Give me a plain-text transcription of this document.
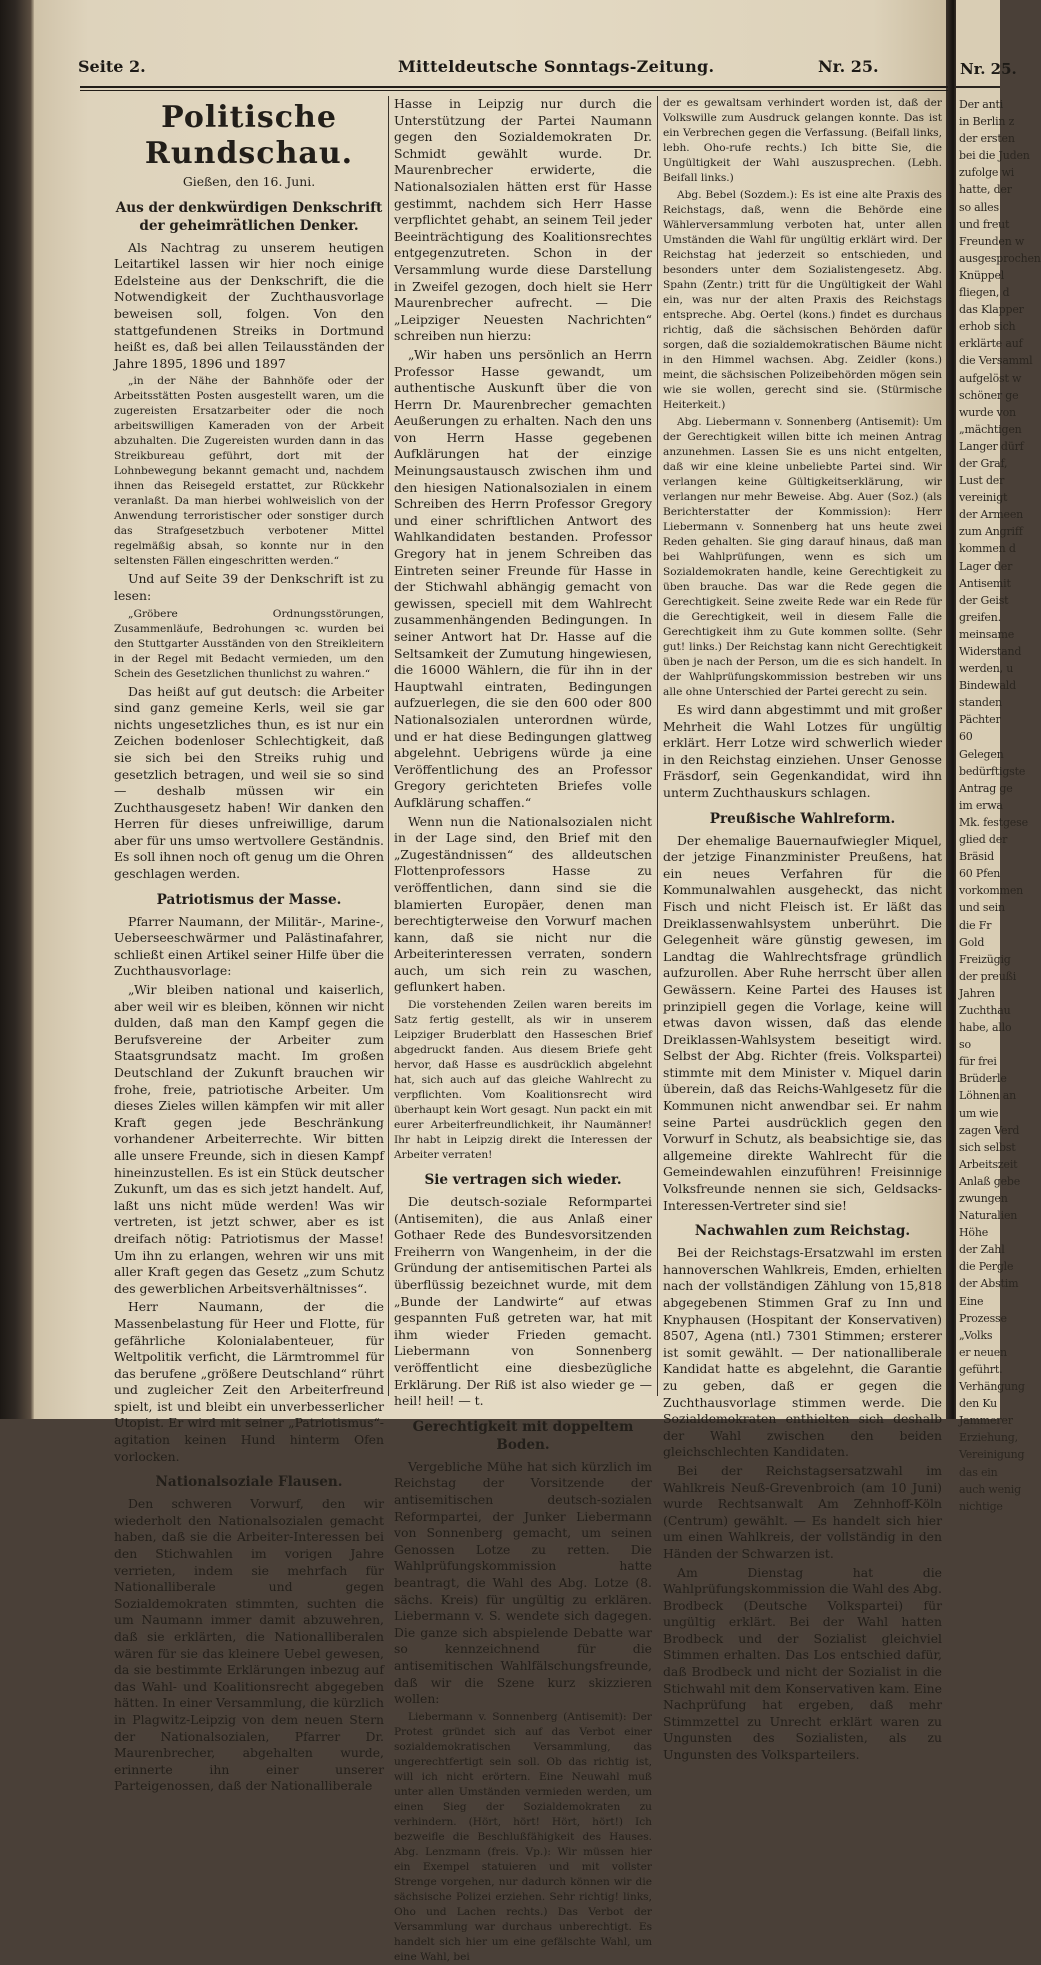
Nr. 25.
Der anti
in Berlin z
der ersten
bei die Juden
zufolge wi
hatte, der
so alles
und freut
Freunden w
ausgesprochen
Knüppel
fliegen, d
das Klapper
erhob sich
erklärte auf
die Versamml
aufgelöst w
schöner ge
wurde von
„mächtigen
Langer dürf
der Graf,
Lust der
vereinigt
der Armeen
zum Angriff
kommen d
Lager der
Antisemit
der Geist
greifen.
meinsame
Widerstand
werden, u
Bindewald
standen
Pächter
60
Gelegen
bedürftigste
Antrag ge
im erwa
Mk. festgese
glied der
Bräsid
60 Pfen
vorkommen
und sein
die Fr
Gold
Freizügig
der preußi
Jahren
Zuchthau
habe, allo
so
für frei
Brüderle
Löhnen an
um wie
zagen Verd
sich selbst
Arbeitszeit
Anlaß gebe
zwungen
Naturalien
Höhe
der Zahl
die Pergle
der Abstim
Eine
Prozesse
„Volks
er neuen
geführt.
Verhängung
den Ku
Jammerer
Erziehung,
Vereinigung
das ein
auch wenig
nichtige
Seite 2.	Mitteldeutsche Sonntags-Zeitung.	Nr. 25.
Politische Rundschau.
Gießen, den 16. Juni.
Aus der denkwürdigen Denkschrift der geheimrätlichen Denker.

Als Nachtrag zu unserem heutigen Leitartikel lassen wir hier noch einige Edelsteine aus der Denkschrift, die die Notwendigkeit der Zuchthausvorlage beweisen soll, folgen. Von den stattgefundenen Streiks in Dortmund heißt es, daß bei allen Teilausständen der Jahre 1895, 1896 und 1897

„in der Nähe der Bahnhöfe oder der Arbeitsstätten Posten ausgestellt waren, um die zugereisten Ersatzarbeiter oder die noch arbeitswilligen Kameraden von der Arbeit abzuhalten. Die Zugereisten wurden dann in das Streikbureau geführt, dort mit der Lohnbewegung bekannt gemacht und, nachdem ihnen das Reisegeld erstattet, zur Rückkehr veranlaßt. Da man hierbei wohlweislich von der Anwendung terroristischer oder sonstiger durch das Strafgesetzbuch verbotener Mittel regelmäßig absah, so konnte nur in den seltensten Fällen eingeschritten werden.“

Und auf Seite 39 der Denkschrift ist zu lesen:

„Gröbere Ordnungsstörungen, Zusammenläufe, Bedrohungen ꝛc. wurden bei den Stuttgarter Ausständen von den Streikleitern in der Regel mit Bedacht vermieden, um den Schein des Gesetzlichen thunlichst zu wahren.“

Das heißt auf gut deutsch: die Arbeiter sind ganz gemeine Kerls, weil sie gar nichts ungesetzliches thun, es ist nur ein Zeichen bodenloser Schlechtigkeit, daß sie sich bei den Streiks ruhig und gesetzlich betragen, und weil sie so sind — deshalb müssen wir ein Zuchthausgesetz haben! Wir danken den Herren für dieses unfreiwillige, darum aber für uns umso wertvollere Geständnis. Es soll ihnen noch oft genug um die Ohren geschlagen werden.

Patriotismus der Masse.

Pfarrer Naumann, der Militär-, Marine-, Ueberseeschwärmer und Palästinafahrer, schließt einen Artikel seiner Hilfe über die Zuchthausvorlage:

„Wir bleiben national und kaiserlich, aber weil wir es bleiben, können wir nicht dulden, daß man den Kampf gegen die Berufsvereine der Arbeiter zum Staatsgrundsatz macht. Im großen Deutschland der Zukunft brauchen wir frohe, freie, patriotische Arbeiter. Um dieses Zieles willen kämpfen wir mit aller Kraft gegen jede Beschränkung vorhandener Arbeiterrechte. Wir bitten alle unsere Freunde, sich in diesen Kampf hineinzustellen. Es ist ein Stück deutscher Zukunft, um das es sich jetzt handelt. Auf, laßt uns nicht müde werden! Was wir vertreten, ist jetzt schwer, aber es ist dreifach nötig: Patriotismus der Masse! Um ihn zu erlangen, wehren wir uns mit aller Kraft gegen das Gesetz „zum Schutz des gewerblichen Arbeitsverhältnisses“.

Herr Naumann, der die Massenbelastung für Heer und Flotte, für gefährliche Kolonialabenteuer, für Weltpolitik verficht, die Lärmtrommel für das berufene „größere Deutschland“ rührt und zugleicher Zeit den Arbeiterfreund spielt, ist und bleibt ein unverbesserlicher Utopist. Er wird mit seiner „Patriotismus“-agitation keinen Hund hinterm Ofen vorlocken.

Nationalsoziale Flausen.

Den schweren Vorwurf, den wir wiederholt den Nationalsozialen gemacht haben, daß sie die Arbeiter-Interessen bei den Stichwahlen im vorigen Jahre verrieten, indem sie mehrfach für Nationalliberale und gegen Sozialdemokraten stimmten, suchten die um Naumann immer damit abzuwehren, daß sie erklärten, die Nationalliberalen wären für sie das kleinere Uebel gewesen, da sie bestimmte Erklärungen inbezug auf das Wahl- und Koalitionsrecht abgegeben hätten. In einer Versammlung, die kürzlich in Plagwitz-Leipzig von dem neuen Stern der Nationalsozialen, Pfarrer Dr. Maurenbrecher, abgehalten wurde, erinnerte ihn einer unserer Parteigenossen, daß der Nationalliberale

Hasse in Leipzig nur durch die Unterstützung der Partei Naumann gegen den Sozialdemokraten Dr. Schmidt gewählt wurde. Dr. Maurenbrecher erwiderte, die Nationalsozialen hätten erst für Hasse gestimmt, nachdem sich Herr Hasse verpflichtet gehabt, an seinem Teil jeder Beeinträchtigung des Koalitionsrechtes entgegenzutreten. Schon in der Versammlung wurde diese Darstellung in Zweifel gezogen, doch hielt sie Herr Maurenbrecher aufrecht. — Die „Leipziger Neuesten Nachrichten“ schreiben nun hierzu:

„Wir haben uns persönlich an Herrn Professor Hasse gewandt, um authentische Auskunft über die von Herrn Dr. Maurenbrecher gemachten Aeußerungen zu erhalten. Nach den uns von Herrn Hasse gegebenen Aufklärungen hat der einzige Meinungsaustausch zwischen ihm und den hiesigen Nationalsozialen in einem Schreiben des Herrn Professor Gregory und einer schriftlichen Antwort des Wahlkandidaten bestanden. Professor Gregory hat in jenem Schreiben das Eintreten seiner Freunde für Hasse in der Stichwahl abhängig gemacht von gewissen, speciell mit dem Wahlrecht zusammenhängenden Bedingungen. In seiner Antwort hat Dr. Hasse auf die Seltsamkeit der Zumutung hingewiesen, die 16000 Wählern, die für ihn in der Hauptwahl eintraten, Bedingungen aufzuerlegen, die sie den 600 oder 800 Nationalsozialen unterordnen würde, und er hat diese Bedingungen glattweg abgelehnt. Uebrigens würde ja eine Veröffentlichung des an Professor Gregory gerichteten Briefes volle Aufklärung schaffen.“

Wenn nun die Nationalsozialen nicht in der Lage sind, den Brief mit den „Zugeständnissen“ des alldeutschen Flottenprofessors Hasse zu veröffentlichen, dann sind sie die blamierten Europäer, denen man berechtigterweise den Vorwurf machen kann, daß sie nicht nur die Arbeiterinteressen verraten, sondern auch, um sich rein zu waschen, geflunkert haben.

Die vorstehenden Zeilen waren bereits im Satz fertig gestellt, als wir in unserem Leipziger Bruderblatt den Hasseschen Brief abgedruckt fanden. Aus diesem Briefe geht hervor, daß Hasse es ausdrücklich abgelehnt hat, sich auch auf das gleiche Wahlrecht zu verpflichten. Vom Koalitionsrecht wird überhaupt kein Wort gesagt. Nun packt ein mit eurer Arbeiterfreundlichkeit, ihr Naumänner! Ihr habt in Leipzig direkt die Interessen der Arbeiter verraten!

Sie vertragen sich wieder.

Die deutsch-soziale Reformpartei (Antisemiten), die aus Anlaß einer Gothaer Rede des Bundesvorsitzenden Freiherrn von Wangenheim, in der die Gründung der antisemitischen Partei als überflüssig bezeichnet wurde, mit dem „Bunde der Landwirte“ auf etwas gespannten Fuß getreten war, hat mit ihm wieder Frieden gemacht. Liebermann von Sonnenberg veröffentlicht eine diesbezügliche Erklärung. Der Riß ist also wieder ge — heil! heil! — t.

Gerechtigkeit mit doppeltem Boden.

Vergebliche Mühe hat sich kürzlich im Reichstag der Vorsitzende der antisemitischen deutsch-sozialen Reformpartei, der Junker Liebermann von Sonnenberg gemacht, um seinen Genossen Lotze zu retten. Die Wahlprüfungskommission hatte beantragt, die Wahl des Abg. Lotze (8. sächs. Kreis) für ungültig zu erklären. Liebermann v. S. wendete sich dagegen. Die ganze sich abspielende Debatte war so kennzeichnend für die antisemitischen Wahlfälschungsfreunde, daß wir die Szene kurz skizzieren wollen:

Liebermann v. Sonnenberg (Antisemit): Der Protest gründet sich auf das Verbot einer sozialdemokratischen Versammlung, das ungerechtfertigt sein soll. Ob das richtig ist, will ich nicht erörtern. Eine Neuwahl muß unter allen Umständen vermieden werden, um einen Sieg der Sozialdemokraten zu verhindern. (Hört, hört! Hört, hört!) Ich bezweifle die Beschlußfähigkeit des Hauses. Abg. Lenzmann (freis. Vp.): Wir müssen hier ein Exempel statuieren und mit vollster Strenge vorgehen, nur dadurch können wir die sächsische Polizei erziehen. Sehr richtig! links, Oho und Lachen rechts.) Das Verbot der Versammlung war durchaus unberechtigt. Es handelt sich hier um eine gefälschte Wahl, um eine Wahl, bei

der es gewaltsam verhindert worden ist, daß der Volkswille zum Ausdruck gelangen konnte. Das ist ein Verbrechen gegen die Verfassung. (Beifall links, lebh. Oho-rufe rechts.) Ich bitte Sie, die Ungültigkeit der Wahl auszusprechen. (Lebh. Beifall links.)

Abg. Bebel (Sozdem.): Es ist eine alte Praxis des Reichstags, daß, wenn die Behörde eine Wählerversammlung verboten hat, unter allen Umständen die Wahl für ungültig erklärt wird. Der Reichstag hat jederzeit so entschieden, und besonders unter dem Sozialistengesetz. Abg. Spahn (Zentr.) tritt für die Ungültigkeit der Wahl ein, was nur der alten Praxis des Reichstags entspreche. Abg. Oertel (kons.) findet es durchaus richtig, daß die sächsischen Behörden dafür sorgen, daß die sozialdemokratischen Bäume nicht in den Himmel wachsen. Abg. Zeidler (kons.) meint, die sächsischen Polizeibehörden mögen sein wie sie wollen, gerecht sind sie. (Stürmische Heiterkeit.)

Abg. Liebermann v. Sonnenberg (Antisemit): Um der Gerechtigkeit willen bitte ich meinen Antrag anzunehmen. Lassen Sie es uns nicht entgelten, daß wir eine kleine unbeliebte Partei sind. Wir verlangen keine Gültigkeitserklärung, wir verlangen nur mehr Beweise. Abg. Auer (Soz.) (als Berichterstatter der Kommission): Herr Liebermann v. Sonnenberg hat uns heute zwei Reden gehalten. Sie ging darauf hinaus, daß man bei Wahlprüfungen, wenn es sich um Sozialdemokraten handle, keine Gerechtigkeit zu üben brauche. Das war die Rede gegen die Gerechtigkeit. Seine zweite Rede war ein Rede für die Gerechtigkeit, weil in diesem Falle die Gerechtigkeit ihm zu Gute kommen sollte. (Sehr gut! links.) Der Reichstag kann nicht Gerechtigkeit üben je nach der Person, um die es sich handelt. In der Wahlprüfungskommission bestreben wir uns alle ohne Unterschied der Partei gerecht zu sein.

Es wird dann abgestimmt und mit großer Mehrheit die Wahl Lotzes für ungültig erklärt. Herr Lotze wird schwerlich wieder in den Reichstag einziehen. Unser Genosse Fräsdorf, sein Gegenkandidat, wird ihn unterm Zuchthauskurs schlagen.

Preußische Wahlreform.

Der ehemalige Bauernaufwiegler Miquel, der jetzige Finanzminister Preußens, hat ein neues Verfahren für die Kommunalwahlen ausgeheckt, das nicht Fisch und nicht Fleisch ist. Er läßt das Dreiklassenwahlsystem unberührt. Die Gelegenheit wäre günstig gewesen, im Landtag die Wahlrechtsfrage gründlich aufzurollen. Aber Ruhe herrscht über allen Gewässern. Keine Partei des Hauses ist prinzipiell gegen die Vorlage, keine will etwas davon wissen, daß das elende Dreiklassen-Wahlsystem beseitigt wird. Selbst der Abg. Richter (freis. Volkspartei) stimmte mit dem Minister v. Miquel darin überein, daß das Reichs-Wahlgesetz für die Kommunen nicht anwendbar sei. Er nahm seine Partei ausdrücklich gegen den Vorwurf in Schutz, als beabsichtige sie, das allgemeine direkte Wahlrecht für die Gemeindewahlen einzuführen! Freisinnige Volksfreunde nennen sie sich, Geldsacks-Interessen-Vertreter sind sie!

Nachwahlen zum Reichstag.

Bei der Reichstags-Ersatzwahl im ersten hannoverschen Wahlkreis, Emden, erhielten nach der vollständigen Zählung von 15,818 abgegebenen Stimmen Graf zu Inn und Knyphausen (Hospitant der Konservativen) 8507, Agena (ntl.) 7301 Stimmen; ersterer ist somit gewählt. — Der nationalliberale Kandidat hatte es abgelehnt, die Garantie zu geben, daß er gegen die Zuchthausvorlage stimmen werde. Die Sozialdemokraten enthielten sich deshalb der Wahl zwischen den beiden gleichschlechten Kandidaten.

Bei der Reichstagsersatzwahl im Wahlkreis Neuß-Grevenbroich (am 10 Juni) wurde Rechtsanwalt Am Zehnhoff-Köln (Centrum) gewählt. — Es handelt sich hier um einen Wahlkreis, der vollständig in den Händen der Schwarzen ist.

Am Dienstag hat die Wahlprüfungskommission die Wahl des Abg. Brodbeck (Deutsche Volkspartei) für ungültig erklärt. Bei der Wahl hatten Brodbeck und der Sozialist gleichviel Stimmen erhalten. Das Los entschied dafür, daß Brodbeck und nicht der Sozialist in die Stichwahl mit dem Konservativen kam. Eine Nachprüfung hat ergeben, daß mehr Stimmzettel zu Unrecht erklärt waren zu Ungunsten des Sozialisten, als zu Ungunsten des Volksparteilers.
